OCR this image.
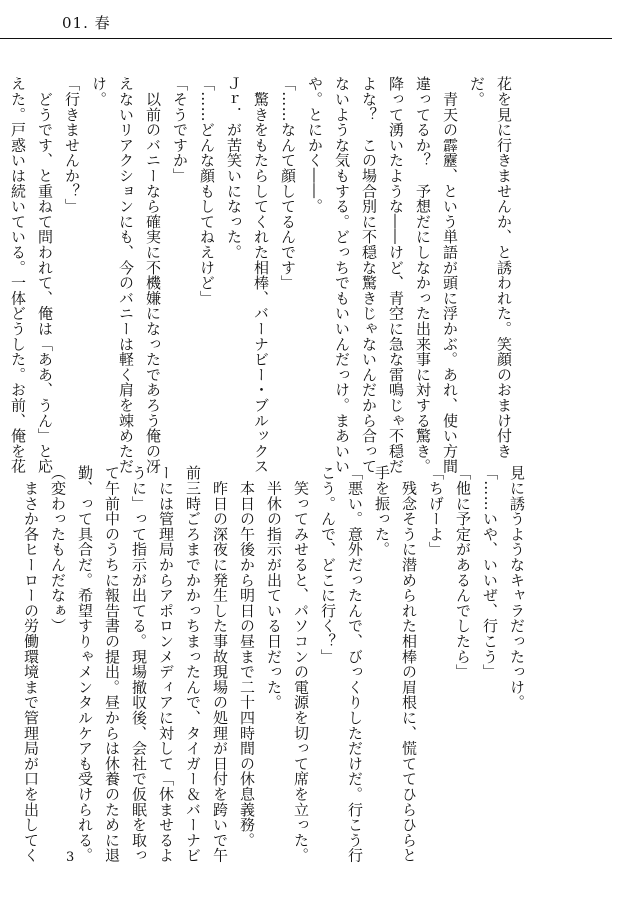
01. 春
花を見に行きませんか、と誘われた。笑顔のおまけ付き
だ。
　青天の霹靂、という単語が頭に浮かぶ。あれ、使い方間
違ってるか？　予想だにしなかった出来事に対する驚き。
降って湧いたような――けど、青空に急な雷鳴じゃ不穏だ
よな？　この場合別に不穏な驚きじゃないんだから合って
ないような気もする。どっちでもいいんだっけ。まあいい
や。とにかく――。
「……なんて顔してるんです」
　驚きをもたらしてくれた相棒、バーナビー・ブルックス
Ｊｒ．が苦笑いになった。
「……どんな顔もしてねえけど」
「そうですか」
　以前のバニーなら確実に不機嫌になったであろう俺の冴
えないリアクションにも、今のバニーは軽く肩を竦めただ
け。
「行きませんか？」
　どうです、と重ねて問われて、俺は「ああ、うん」と応
えた。戸惑いは続いている。一体どうした。お前、俺を花
見に誘うようなキャラだったっけ。
「……いや、いいぜ、行こう」
「他に予定があるんでしたら」
「ちげーよ」
　残念そうに潜められた相棒の眉根に、慌ててひらひらと
手を振った。
「悪い。意外だったんで、びっくりしただけだ。行こう行
こう。んで、どこに行く？」
　笑ってみせると、パソコンの電源を切って席を立った。
　半休の指示が出ている日だった。
　本日の午後から明日の昼まで二十四時間の休息義務。
　昨日の深夜に発生した事故現場の処理が日付を跨いで午
前三時ごろまでかかっちまったんで、タイガー＆バーナビ
ーには管理局からアポロンメディアに対して「休ませるよ
うに」って指示が出てる。現場撤収後、会社で仮眠を取っ
て午前中のうちに報告書の提出。昼からは休養のために退
勤、って具合だ。希望すりゃメンタルケアも受けられる。
（変わったもんだなぁ）
　まさか各ヒーローの労働環境まで管理局が口を出してく	3
